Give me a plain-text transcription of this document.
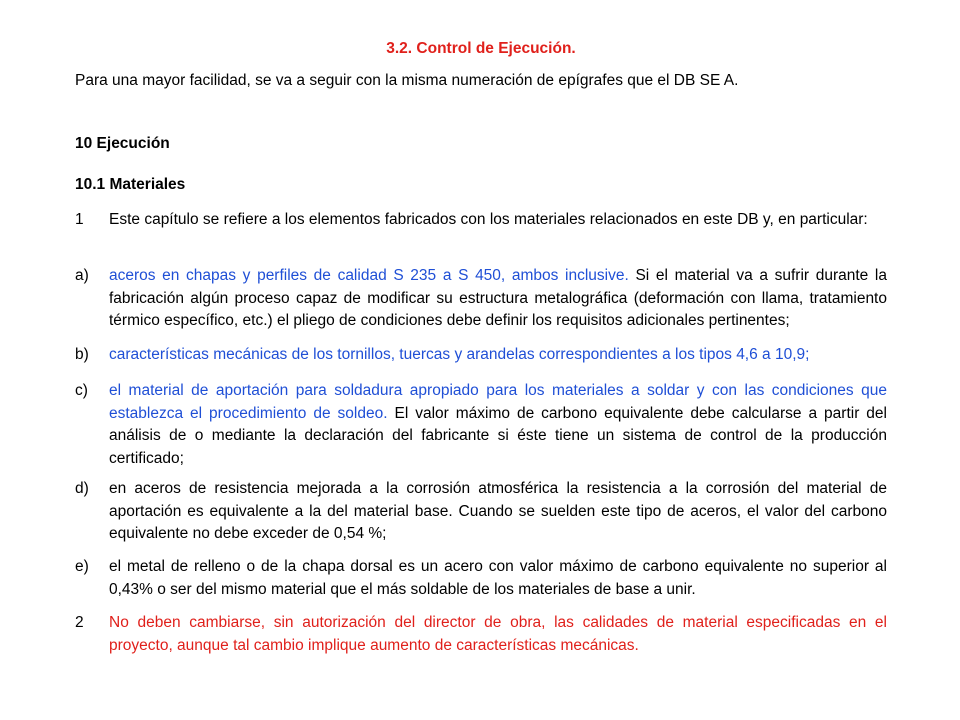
3.2. Control de Ejecución.
Para una mayor facilidad, se va a seguir con la misma numeración de epígrafes que el DB SE A.
10 Ejecución
10.1 Materiales
1 Este capítulo se refiere a los elementos fabricados con los materiales relacionados en este DB y, en particular:
a) aceros en chapas y perfiles de calidad S 235 a S 450, ambos inclusive. Si el material va a sufrir durante la fabricación algún proceso capaz de modificar su estructura metalográfica (deformación con llama, tratamiento térmico específico, etc.) el pliego de condiciones debe definir los requisitos adicionales pertinentes;
b) características mecánicas de los tornillos, tuercas y arandelas correspondientes a los tipos 4,6 a 10,9;
c) el material de aportación para soldadura apropiado para los materiales a soldar y con las condiciones que establezca el procedimiento de soldeo. El valor máximo de carbono equivalente debe calcularse a partir del análisis de o mediante la declaración del fabricante si éste tiene un sistema de control de la producción certificado;
d) en aceros de resistencia mejorada a la corrosión atmosférica la resistencia a la corrosión del material de aportación es equivalente a la del material base. Cuando se suelden este tipo de aceros, el valor del carbono equivalente no debe exceder de 0,54 %;
e) el metal de relleno o de la chapa dorsal es un acero con valor máximo de carbono equivalente no superior al 0,43% o ser del mismo material que el más soldable de los materiales de base a unir.
2 No deben cambiarse, sin autorización del director de obra, las calidades de material especificadas en el proyecto, aunque tal cambio implique aumento de características mecánicas.
